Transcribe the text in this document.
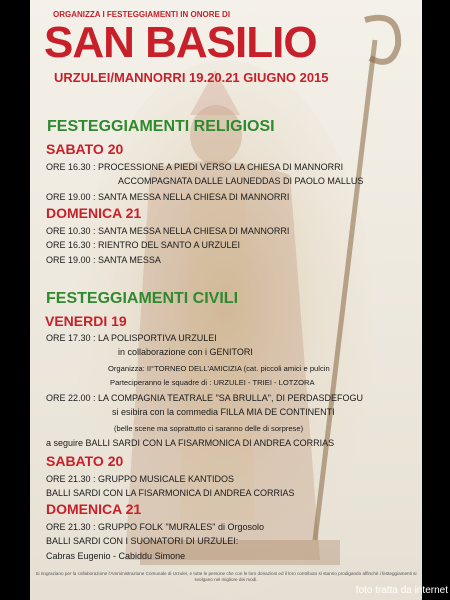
ORGANIZZA I FESTEGGIAMENTI IN ONORE DI
SAN BASILIO
URZULEI/MANNORRI 19.20.21 GIUGNO 2015
FESTEGGIAMENTI RELIGIOSI
SABATO 20
ORE 16.30 : PROCESSIONE A PIEDI VERSO LA CHIESA DI MANNORRI
ACCOMPAGNATA DALLE LAUNEDDAS DI PAOLO MALLUS
ORE 19.00 : SANTA MESSA NELLA CHIESA DI MANNORRI
DOMENICA 21
ORE 10.30 : SANTA MESSA NELLA CHIESA DI MANNORRI
ORE 16.30 : RIENTRO DEL SANTO A URZULEI
ORE 19.00 : SANTA MESSA
FESTEGGIAMENTI CIVILI
VENERDI 19
ORE 17.30 : LA POLISPORTIVA URZULEI
in collaborazione con i GENITORI
Organizza: II°TORNEO DELL'AMICIZIA (cat. piccoli amici e pulcin
Parteciperanno le squadre di : URZULEI - TRIEI - LOTZORA
ORE 22.00 : LA COMPAGNIA TEATRALE "SA BRULLA", DI PERDASDEFOGU
si esibira con la commedia FILLA MIA DE CONTINENTI
(belle scene ma soprattutto ci saranno delle di sorprese)
a seguire BALLI SARDI CON LA FISARMONICA DI ANDREA CORRIAS
SABATO 20
ORE 21.30 : GRUPPO MUSICALE KANTIDOS
BALLI SARDI CON LA FISARMONICA DI ANDREA CORRIAS
DOMENICA 21
ORE 21.30 : GRUPPO FOLK "MURALES" di Orgosolo
BALLI SARDI CON I SUONATORI DI URZULEI:
Cabras Eugenio - Cabiddu Simone
Si ringraziano per la collaborazione l'Amministrazione Comunale di Urzulei, e tutte le persone che con le loro donazioni ed il loro contributo si stanno prodigando affinchè i festeggiamenti si svolgano nel migliore dei modi.
foto tratta da internet
